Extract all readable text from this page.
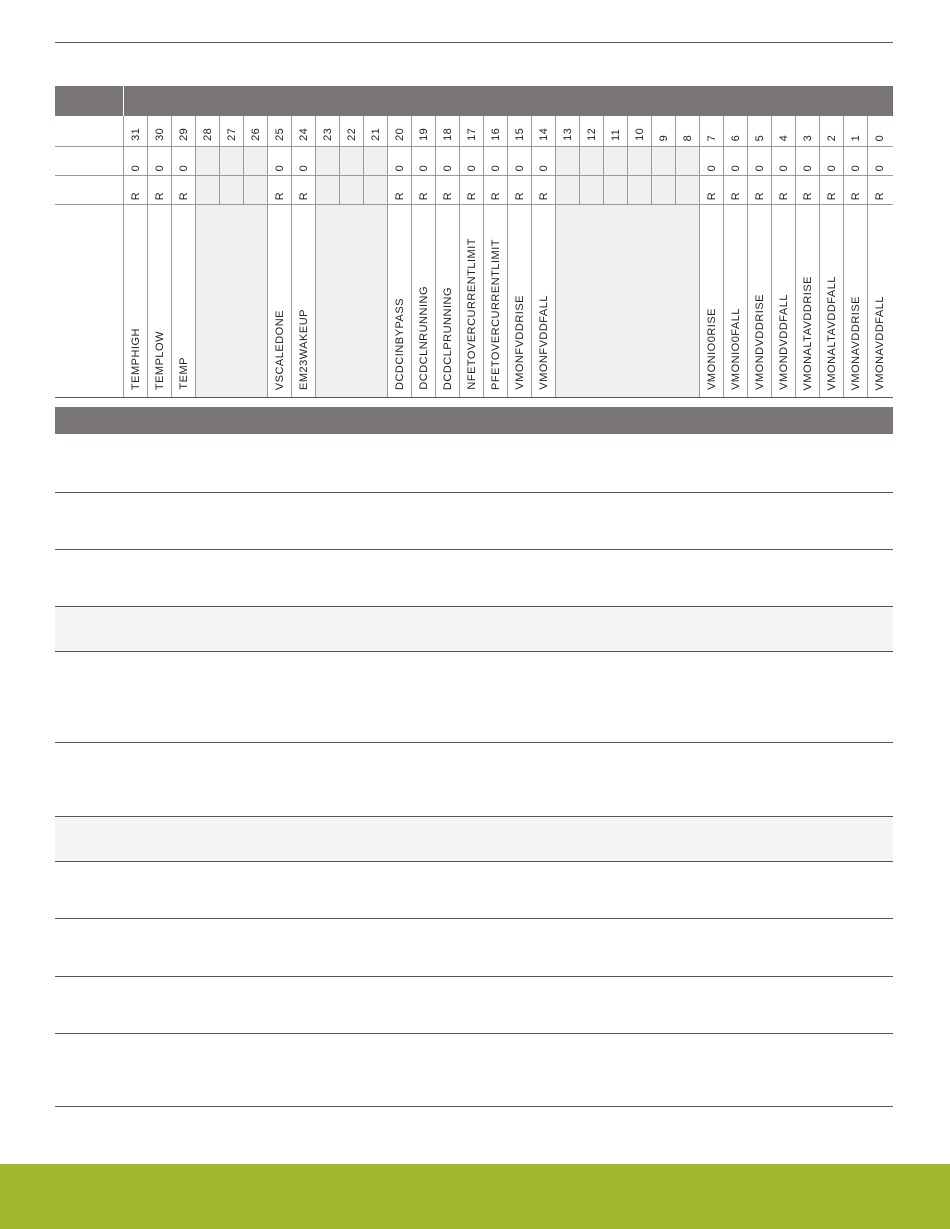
	31	30	29	28	27	26	25	24	23	22	21	20	19	18	17	16	15	14	13	12	11	10	9	8	7	6	5	4	3	2	1	0

	0	0	0				0	0				0	0	0	0	0	0	0							0	0	0	0	0	0	0	0

	R	R	R				R	R				R	R	R	R	R	R	R							R	R	R	R	R	R	R	R

	TEMPHIGH	TEMPLOW	TEMP				VSCALEDONE	EM23WAKEUP				DCDCINBYPASS	DCDCLNRUNNING	DCDCLPRUNNING	NFETOVERCURRENTLIMIT	PFETOVERCURRENTLIMIT	VMONFVDDRISE	VMONFVDDFALL							VMONIO0RISE	VMONIO0FALL	VMONDVDDRISE	VMONDVDDFALL	VMONALTAVDDRISE	VMONALTAVDDFALL	VMONAVDDRISE	VMONAVDDFALL
